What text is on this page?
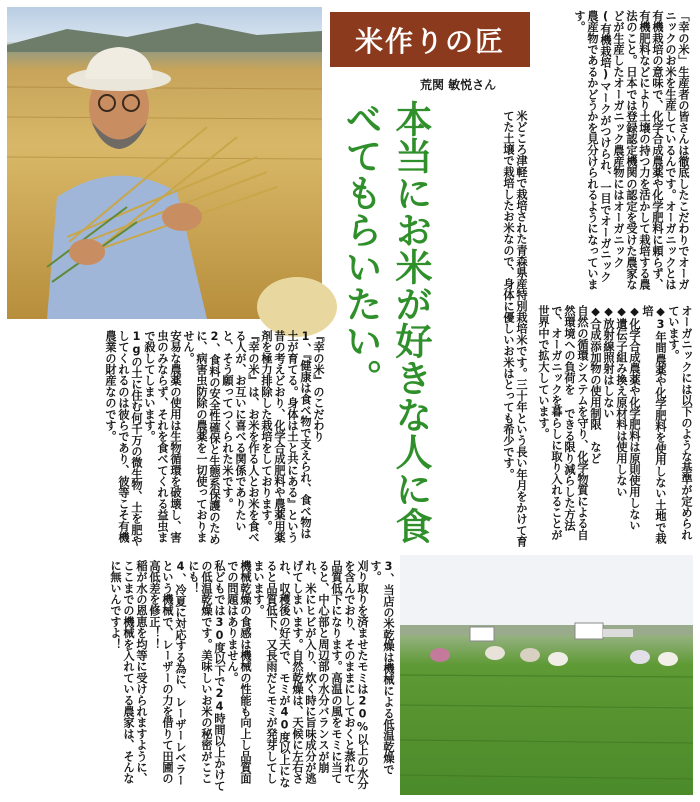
米作りの匠
荒関 敏悦さん	「幸の米」生産者の皆さんは徹底したこだわりでオーガニックのお米を生産しているんです。オーガニックとは有機栽培の意味で、化学合成農薬や化学肥料に頼らず、有機肥料などにより土壌の持つ力を活かして栽培する農法のこと。日本では登録認定機関の認定を受けた農家などが生産したオーガニック農産物にはオーガニック(有機栽培)マークがつけられ、一目でオーガニック農産物であるかどうかを見分けられるようになっています。
本当にお米が好きな人に食べてもらいたい。	米どころ津軽で栽培された青森県産特別栽培米です。三十年という長い年月をかけて育てた土壌で栽培したお米なので、身体に優しいお米はとっても希少です。	オーガニックには以下のような基準が定められています。
◆3年間農薬や化学肥料を使用しない土地で栽培
◆化学合成農薬や化学肥料は原則使用しない
◆遺伝子組み換え原材料は使用しない
◆放射線照射はしない
◆合成添加物の使用制限　など
自然の循環システムを守り、化学物質による自然環境への負荷を できる限り減らした方法で、オーガニックを暮らしに取り入れることが世界中で拡大しています。
『幸の米』のこだわり
1、『健康は食べ物で支えられ、食べ物は土が育てる。身体は土と共にある』という昔の考えどおり、化学合成肥料や農薬用薬剤を極力排除した栽培をしております。
『幸の米』は、お米を作る人とお米を食べる人が、お互いに喜べる関係でありたいと、そう願ってつくられた米です。
2、食料の安全性確保と生態系保護のために、病害虫防除の農薬を一切使っておりません。
安易な農薬の使用は生物循環を破壊し、害虫のみならず、それを食べてくれる益虫まで殺してしまいます。
1gの土に住む何千万の微生物、土を肥やしてくれるのは彼らであり、彼等こそ有機農業の財産なのです。
3、当店の米乾燥は機械による低温乾燥です。
刈り取りを済ませたモミは20%以上の水分を含んでおり、そのままにしておくと蒸れて品質低下になります。高温の風をモミに当てると、中心部と周辺部の水分バランスが崩れ、米にヒビが入り、炊く時に旨味成分が逃げてしまいます。自然乾燥は、天候に左右され、収穫後の好天で、モミが40度以上になると品質低下、又長雨だとモミが発芽してしまいます。
機械乾燥の食感は機械の性能も向上し品質面での問題はありません。
私どもでは30度以下で24時間以上かけての低温乾燥です。美味しいお米の秘密がここにも！
4、冷夏に対応する為に、レーザーレベラーという機械で、レーザーの力を借りて田圃の高低差を修正！！
稲が水の恩恵を均等に受けられますように、ここまでの機械を入れている農家は、そんなに無いんですよ！
